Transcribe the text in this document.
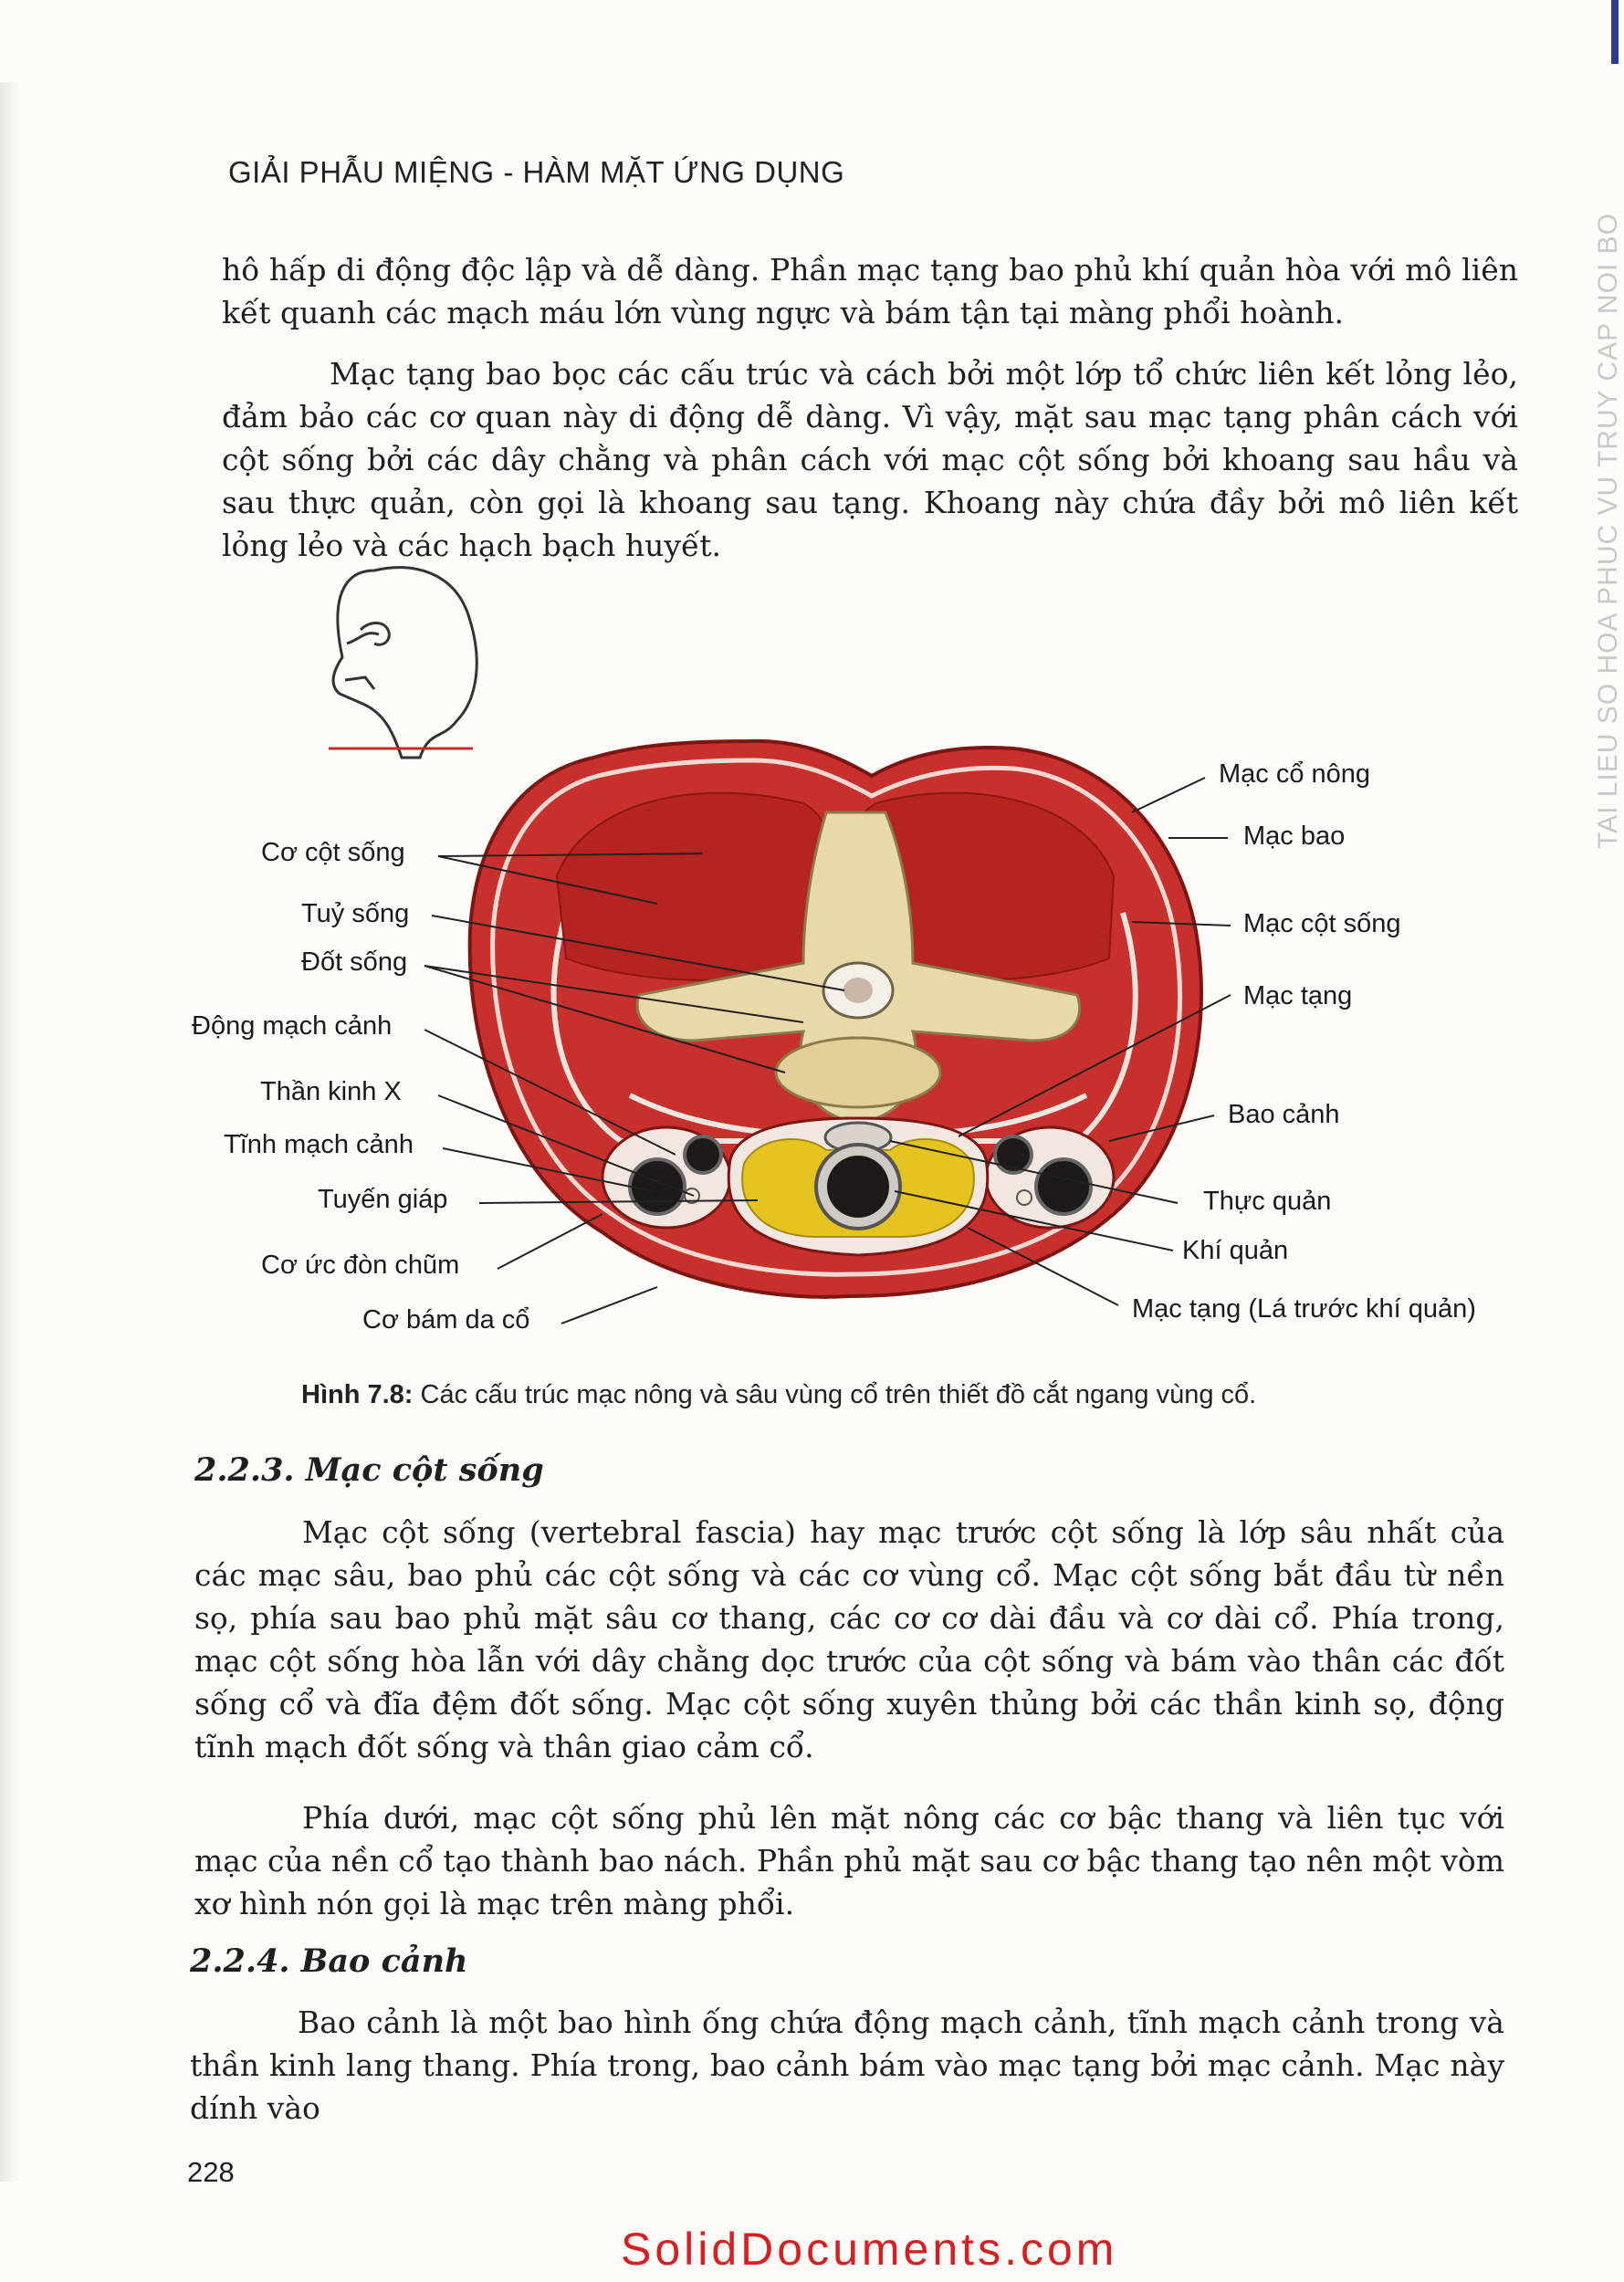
GIẢI PHẪU MIỆNG - HÀM MẶT ỨNG DỤNG

hô hấp di động độc lập và dễ dàng. Phần mạc tạng bao phủ khí quản hòa với mô liên kết quanh các mạch máu lớn vùng ngực và bám tận tại màng phổi hoành.

Mạc tạng bao bọc các cấu trúc và cách bởi một lớp tổ chức liên kết lỏng lẻo, đảm bảo các cơ quan này di động dễ dàng. Vì vậy, mặt sau mạc tạng phân cách với cột sống bởi các dây chằng và phân cách với mạc cột sống bởi khoang sau hầu và sau thực quản, còn gọi là khoang sau tạng. Khoang này chứa đầy bởi mô liên kết lỏng lẻo và các hạch bạch huyết.

Cơ cột sống
Tuỷ sống
Đốt sống
Động mạch cảnh
Thần kinh X
Tĩnh mạch cảnh
Tuyến giáp
Cơ ức đòn chũm
Cơ bám da cổ
Mạc cổ nông
Mạc bao
Mạc cột sống
Mạc tạng
Bao cảnh
Thực quản
Khí quản
Mạc tạng (Lá trước khí quản)
Hình 7.8: Các cấu trúc mạc nông và sâu vùng cổ trên thiết đồ cắt ngang vùng cổ.
2.2.3. Mạc cột sống

Mạc cột sống (vertebral fascia) hay mạc trước cột sống là lớp sâu nhất của các mạc sâu, bao phủ các cột sống và các cơ vùng cổ. Mạc cột sống bắt đầu từ nền sọ, phía sau bao phủ mặt sâu cơ thang, các cơ cơ dài đầu và cơ dài cổ. Phía trong, mạc cột sống hòa lẫn với dây chằng dọc trước của cột sống và bám vào thân các đốt sống cổ và đĩa đệm đốt sống. Mạc cột sống xuyên thủng bởi các thần kinh sọ, động tĩnh mạch đốt sống và thân giao cảm cổ.

Phía dưới, mạc cột sống phủ lên mặt nông các cơ bậc thang và liên tục với mạc của nền cổ tạo thành bao nách. Phần phủ mặt sau cơ bậc thang tạo nên một vòm xơ hình nón gọi là mạc trên màng phổi.

2.2.4. Bao cảnh

Bao cảnh là một bao hình ống chứa động mạch cảnh, tĩnh mạch cảnh trong và thần kinh lang thang. Phía trong, bao cảnh bám vào mạc tạng bởi mạc cảnh. Mạc này dính vào

228
TAI LIEU SO HOA PHUC VU TRUY CAP NOI BO
SolidDocuments.com
